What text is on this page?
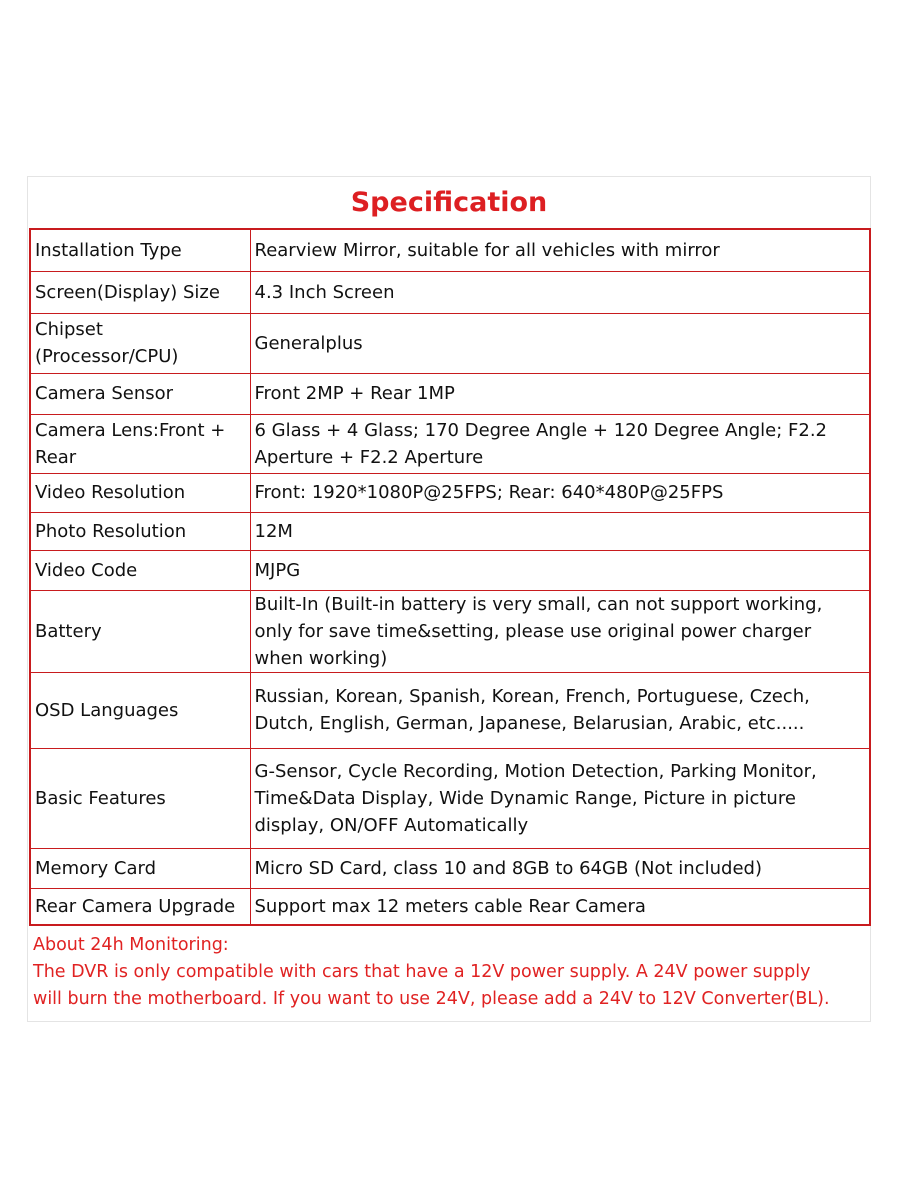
Specification
Installation Type	Rearview Mirror, suitable for all vehicles with mirror
Screen(Display) Size	4.3 Inch Screen
Chipset (Processor/CPU)	Generalplus
Camera Sensor	Front 2MP + Rear 1MP
Camera Lens:Front + Rear	6 Glass + 4 Glass; 170 Degree Angle + 120 Degree Angle; F2.2 Aperture + F2.2 Aperture
Video Resolution	Front: 1920*1080P@25FPS; Rear: 640*480P@25FPS
Photo Resolution	12M
Video Code	MJPG
Battery	Built-In (Built-in battery is very small, can not support working, only for save time&setting, please use original power charger when working)
OSD Languages	Russian, Korean, Spanish, Korean, French, Portuguese, Czech, Dutch, English, German, Japanese, Belarusian, Arabic, etc.....
Basic Features	G-Sensor, Cycle Recording, Motion Detection, Parking Monitor, Time&Data Display, Wide Dynamic Range, Picture in picture display, ON/OFF Automatically
Memory Card	Micro SD Card, class 10 and 8GB to 64GB (Not included)
Rear Camera Upgrade	Support max 12 meters cable Rear Camera
About 24h Monitoring:
The DVR is only compatible with cars that have a 12V power supply. A 24V power supply
will burn the motherboard. If you want to use 24V, please add a 24V to 12V Converter(BL).
